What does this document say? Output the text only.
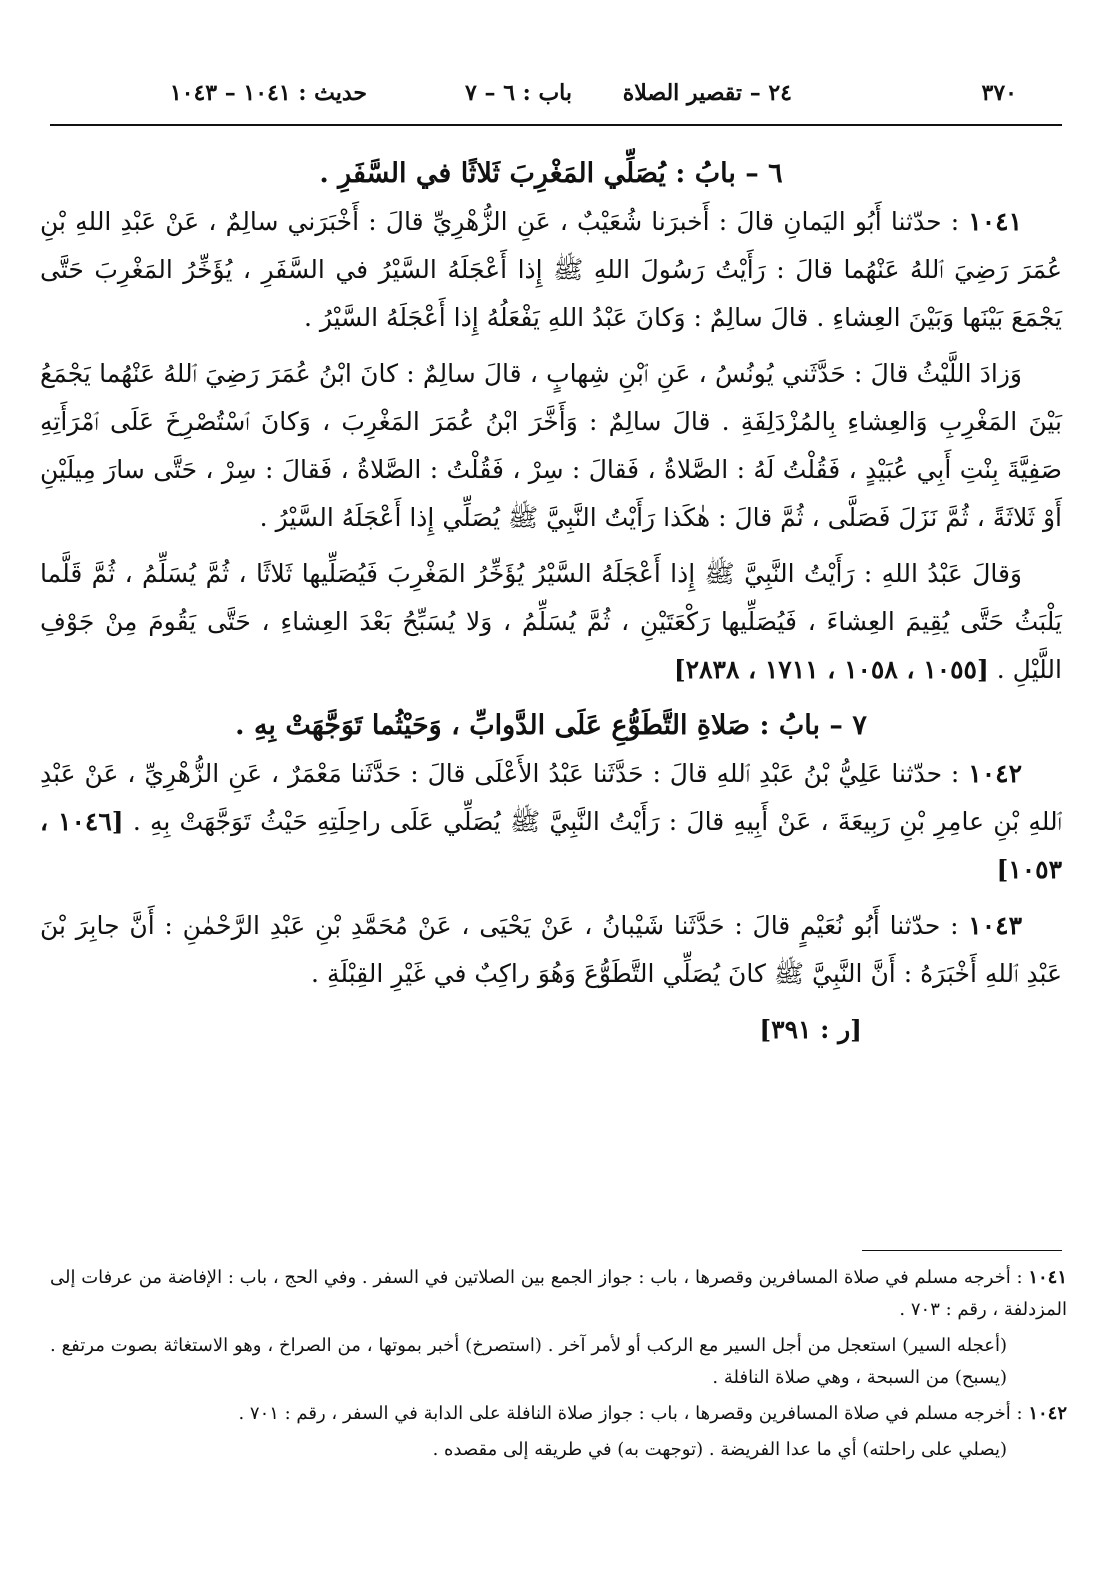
٣٧٠
٢٤ – تقصير الصلاة
باب : ٦ – ٧
حديث : ١٠٤١ – ١٠٤٣

٦ – بابُ : يُصَلِّي المَغْرِبَ ثَلاثًا في السَّفَرِ .

١٠٤١ : حدّثنا أَبُو اليَمانِ قالَ : أَخبرَنا شُعَيْبٌ ، عَنِ الزُّهْرِيِّ قالَ : أَخْبَرَني سالِمٌ ، عَنْ عَبْدِ اللهِ بْنِ عُمَرَ رَضِيَ ٱللهُ عَنْهُما قالَ : رَأَيْتُ رَسُولَ اللهِ ﷺ إِذا أَعْجَلَهُ السَّيْرُ في السَّفَرِ ، يُؤَخِّرُ المَغْرِبَ حَتَّى يَجْمَعَ بَيْنَها وَبَيْنَ العِشاءِ . قالَ سالِمٌ : وَكانَ عَبْدُ اللهِ يَفْعَلُهُ إِذا أَعْجَلَهُ السَّيْرُ .

وَزادَ اللَّيْثُ قالَ : حَدَّثَني يُونُسُ ، عَنِ ٱبْنِ شِهابٍ ، قالَ سالِمٌ : كانَ ابْنُ عُمَرَ رَضِيَ ٱللهُ عَنْهُما يَجْمَعُ بَيْنَ المَغْرِبِ وَالعِشاءِ بِالمُزْدَلِفَةِ . قالَ سالِمٌ : وَأَخَّرَ ابْنُ عُمَرَ المَغْرِبَ ، وَكانَ ٱسْتُصْرِخَ عَلَى ٱمْرَأَتِهِ صَفِيَّةَ بِنْتِ أَبِي عُبَيْدٍ ، فَقُلْتُ لَهُ : الصَّلاةُ ، فَقالَ : سِرْ ، فَقُلْتُ : الصَّلاةُ ، فَقالَ : سِرْ ، حَتَّى سارَ مِيلَيْنِ أَوْ ثَلاثَةً ، ثُمَّ نَزَلَ فَصَلَّى ، ثُمَّ قالَ : هٰكَذا رَأَيْتُ النَّبِيَّ ﷺ يُصَلِّي إِذا أَعْجَلَهُ السَّيْرُ .

وَقالَ عَبْدُ اللهِ : رَأَيْتُ النَّبِيَّ ﷺ إِذا أَعْجَلَهُ السَّيْرُ يُؤَخِّرُ المَغْرِبَ فَيُصَلِّيها ثَلاثًا ، ثُمَّ يُسَلِّمُ ، ثُمَّ قَلَّما يَلْبَثُ حَتَّى يُقِيمَ العِشاءَ ، فَيُصَلِّيها رَكْعَتَيْنِ ، ثُمَّ يُسَلِّمُ ، وَلا يُسَبِّحُ بَعْدَ العِشاءِ ، حَتَّى يَقُومَ مِنْ جَوْفِ اللَّيْلِ . [١٠٥٥ ، ١٠٥٨ ، ١٧١١ ، ٢٨٣٨]

٧ – بابُ : صَلاةِ التَّطَوُّعِ عَلَى الدَّوابِّ ، وَحَيْثُما تَوَجَّهَتْ بِهِ .

١٠٤٢ : حدّثنا عَلِيُّ بْنُ عَبْدِ ٱللهِ قالَ : حَدَّثَنا عَبْدُ الأَعْلَى قالَ : حَدَّثَنا مَعْمَرٌ ، عَنِ الزُّهْرِيِّ ، عَنْ عَبْدِ ٱللهِ بْنِ عامِرِ بْنِ رَبِيعَةَ ، عَنْ أَبِيهِ قالَ : رَأَيْتُ النَّبِيَّ ﷺ يُصَلِّي عَلَى راحِلَتِهِ حَيْثُ تَوَجَّهَتْ بِهِ . [١٠٤٦ ، ١٠٥٣]

١٠٤٣ : حدّثنا أَبُو نُعَيْمٍ قالَ : حَدَّثَنا شَيْبانُ ، عَنْ يَحْيَى ، عَنْ مُحَمَّدِ بْنِ عَبْدِ الرَّحْمٰنِ : أَنَّ جابِرَ بْنَ عَبْدِ ٱللهِ أَخْبَرَهُ : أَنَّ النَّبِيَّ ﷺ كانَ يُصَلِّي التَّطَوُّعَ وَهُوَ راكِبٌ في غَيْرِ القِبْلَةِ .

[ر : ٣٩١]

١٠٤١ : أخرجه مسلم في صلاة المسافرين وقصرها ، باب : جواز الجمع بين الصلاتين في السفر . وفي الحج ، باب : الإفاضة من عرفات إلى المزدلفة ، رقم : ٧٠٣ .

(أعجله السير) استعجل من أجل السير مع الركب أو لأمر آخر . (استصرخ) أخبر بموتها ، من الصراخ ، وهو الاستغاثة بصوت مرتفع . (يسبح) من السبحة ، وهي صلاة النافلة .

١٠٤٢ : أخرجه مسلم في صلاة المسافرين وقصرها ، باب : جواز صلاة النافلة على الدابة في السفر ، رقم : ٧٠١ .

(يصلي على راحلته) أي ما عدا الفريضة . (توجهت به) في طريقه إلى مقصده .
